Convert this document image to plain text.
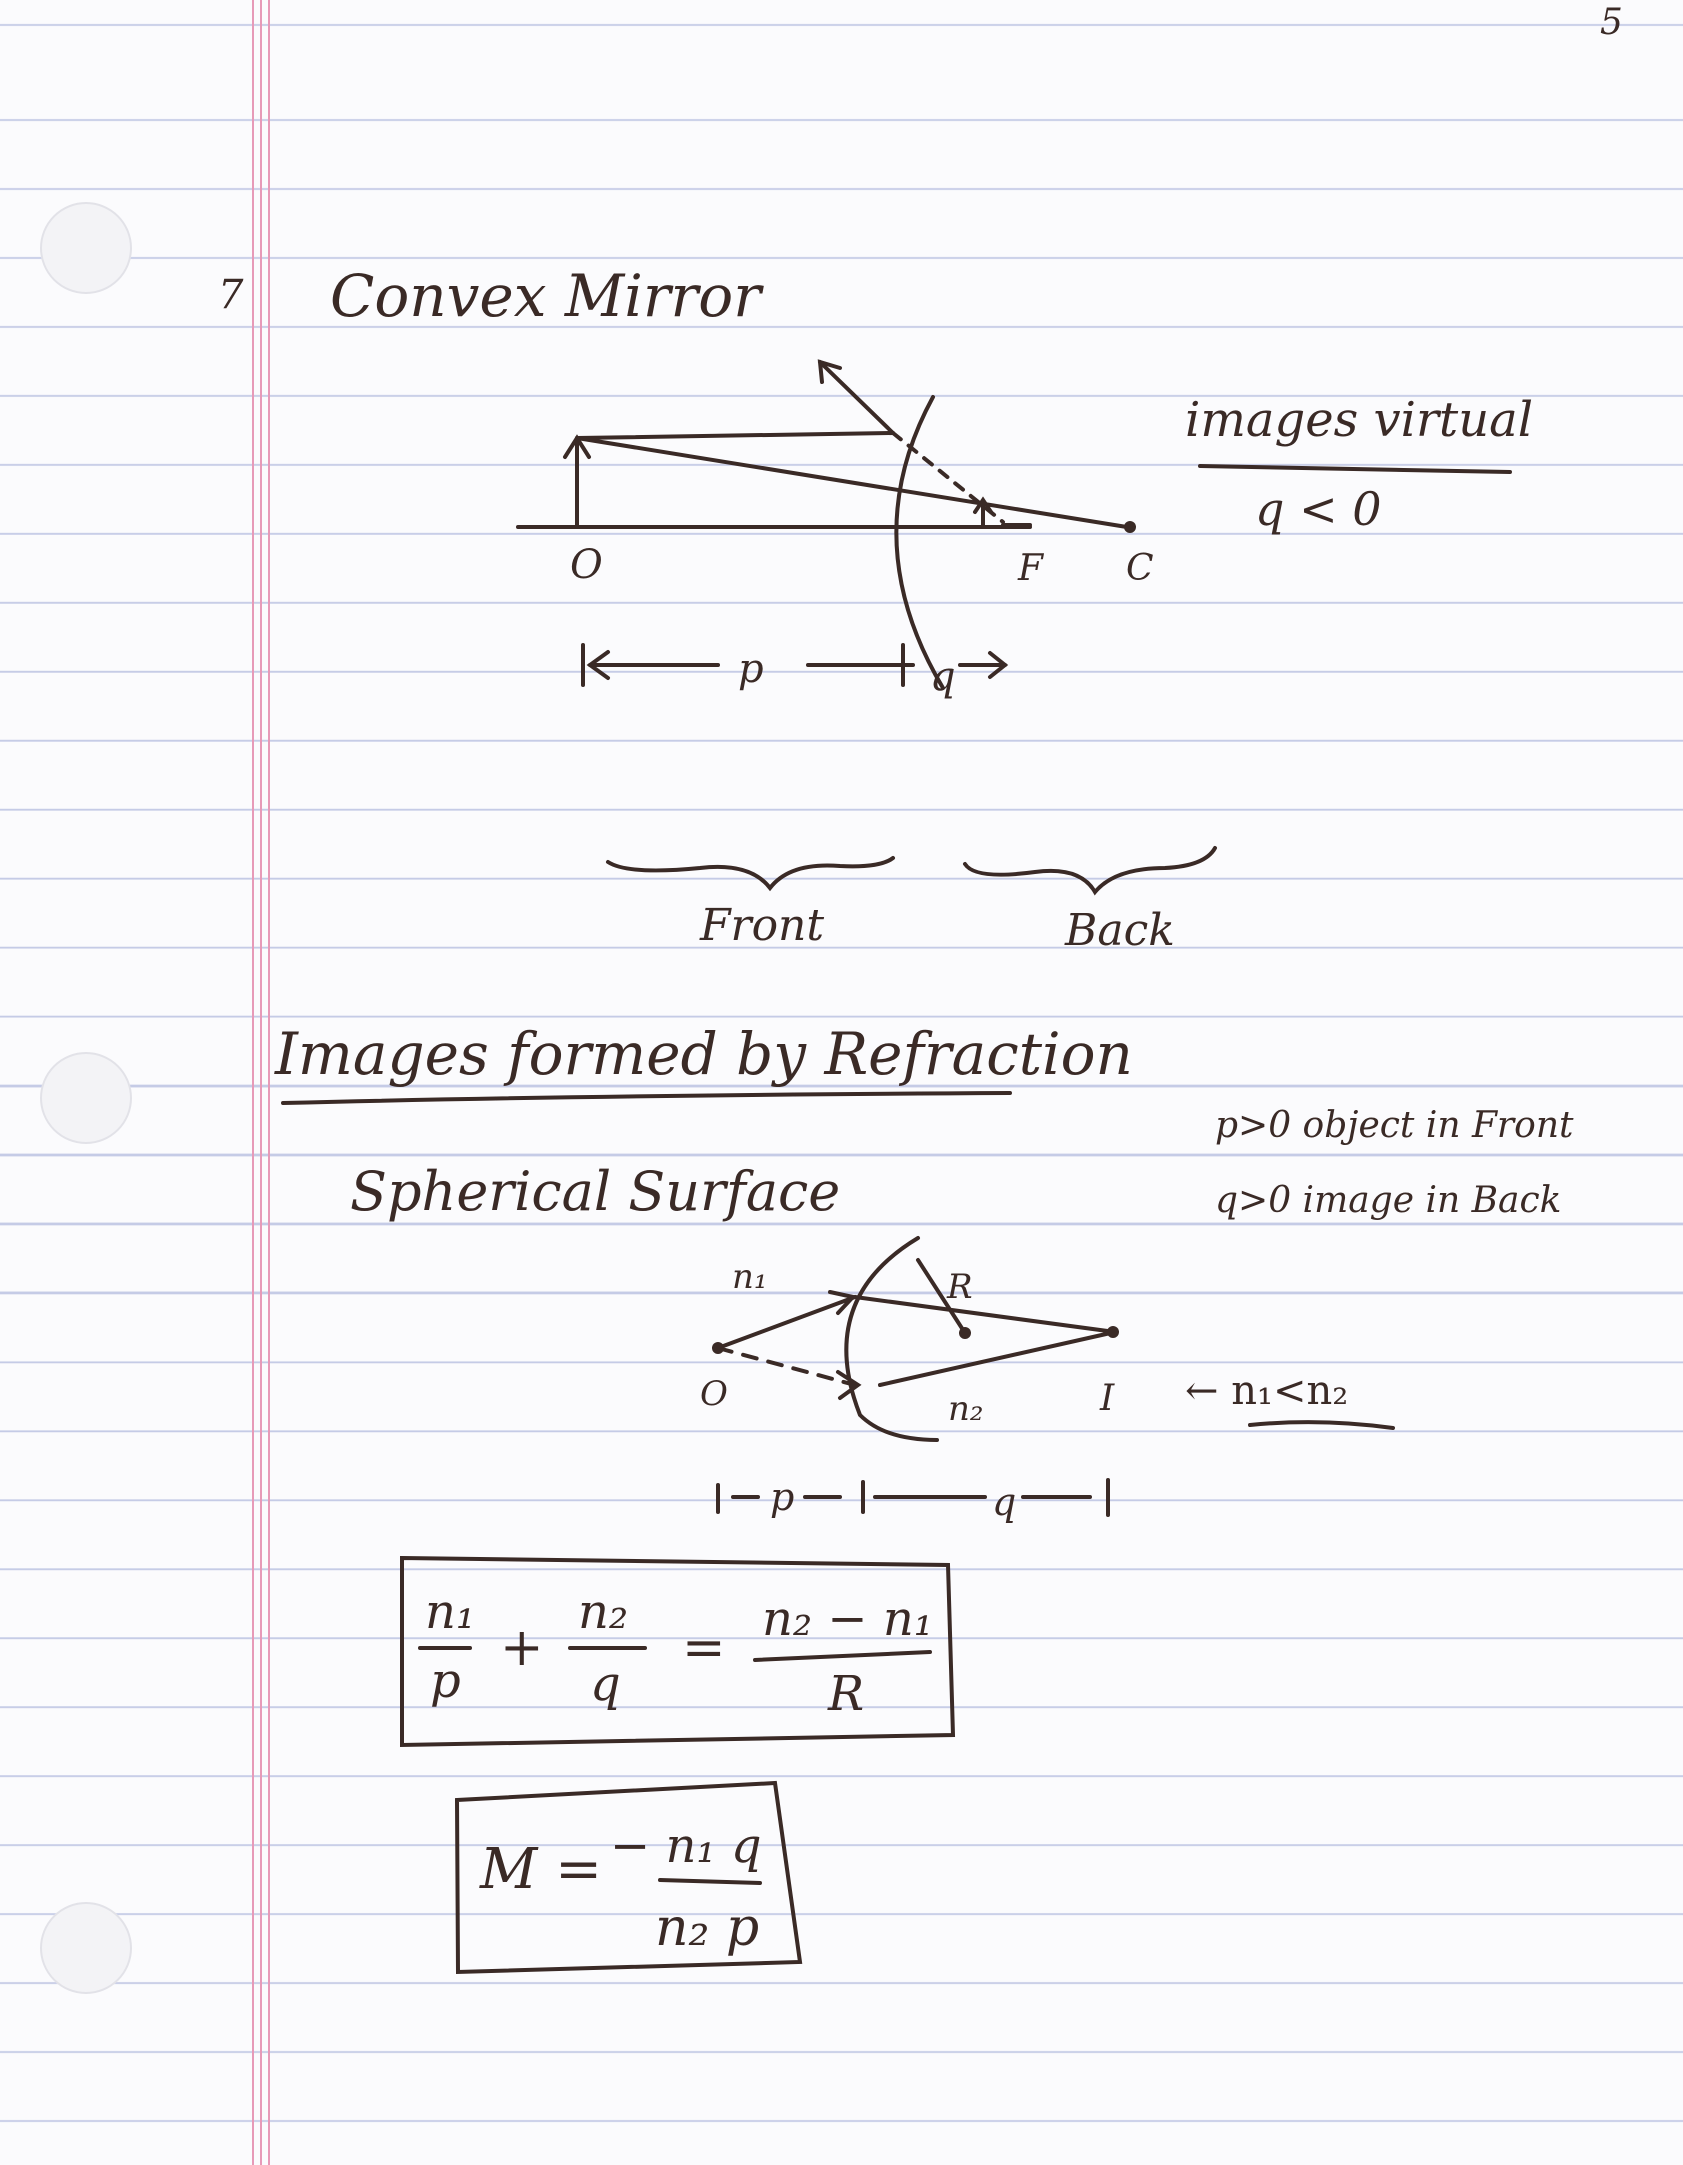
5
7 Convex Mirror
images virtual
q < 0
Front	Back
O	F C
p	q
Images formed by Refraction
Spherical Surface
p>0 object in Front
q>0 image in Back
← n₁<n₂
n₁	R
O	n₂	I
p	q
n₁
p
+
n₂
q
= n₂ − n₁
R
M = − n₁ q
n₂ p
